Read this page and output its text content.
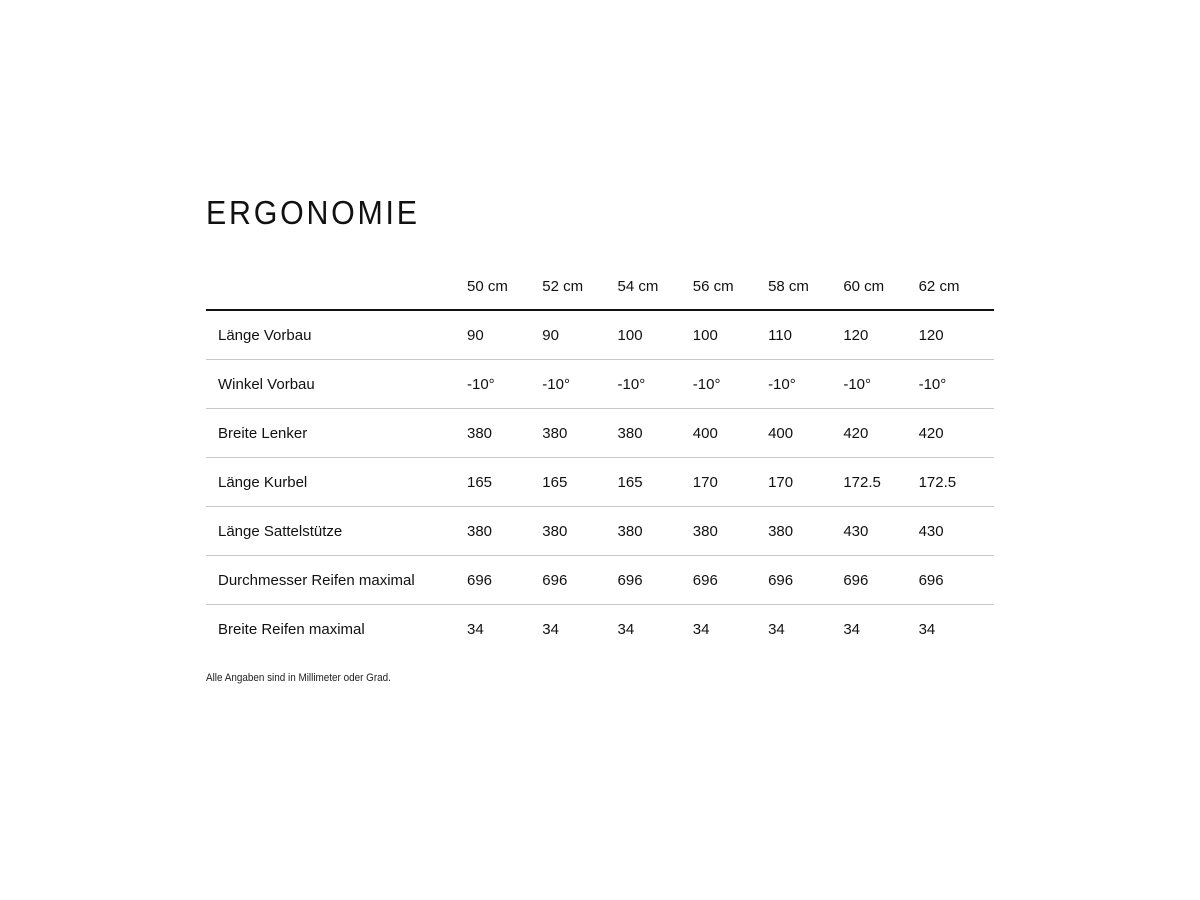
ERGONOMIE
	50 cm	52 cm	54 cm	56 cm	58 cm	60 cm	62 cm
Länge Vorbau	90	90	100	100	110	120	120
Winkel Vorbau	-10°	-10°	-10°	-10°	-10°	-10°	-10°
Breite Lenker	380	380	380	400	400	420	420
Länge Kurbel	165	165	165	170	170	172.5	172.5
Länge Sattelstütze	380	380	380	380	380	430	430
Durchmesser Reifen maximal	696	696	696	696	696	696	696
Breite Reifen maximal	34	34	34	34	34	34	34
Alle Angaben sind in Millimeter oder Grad.
